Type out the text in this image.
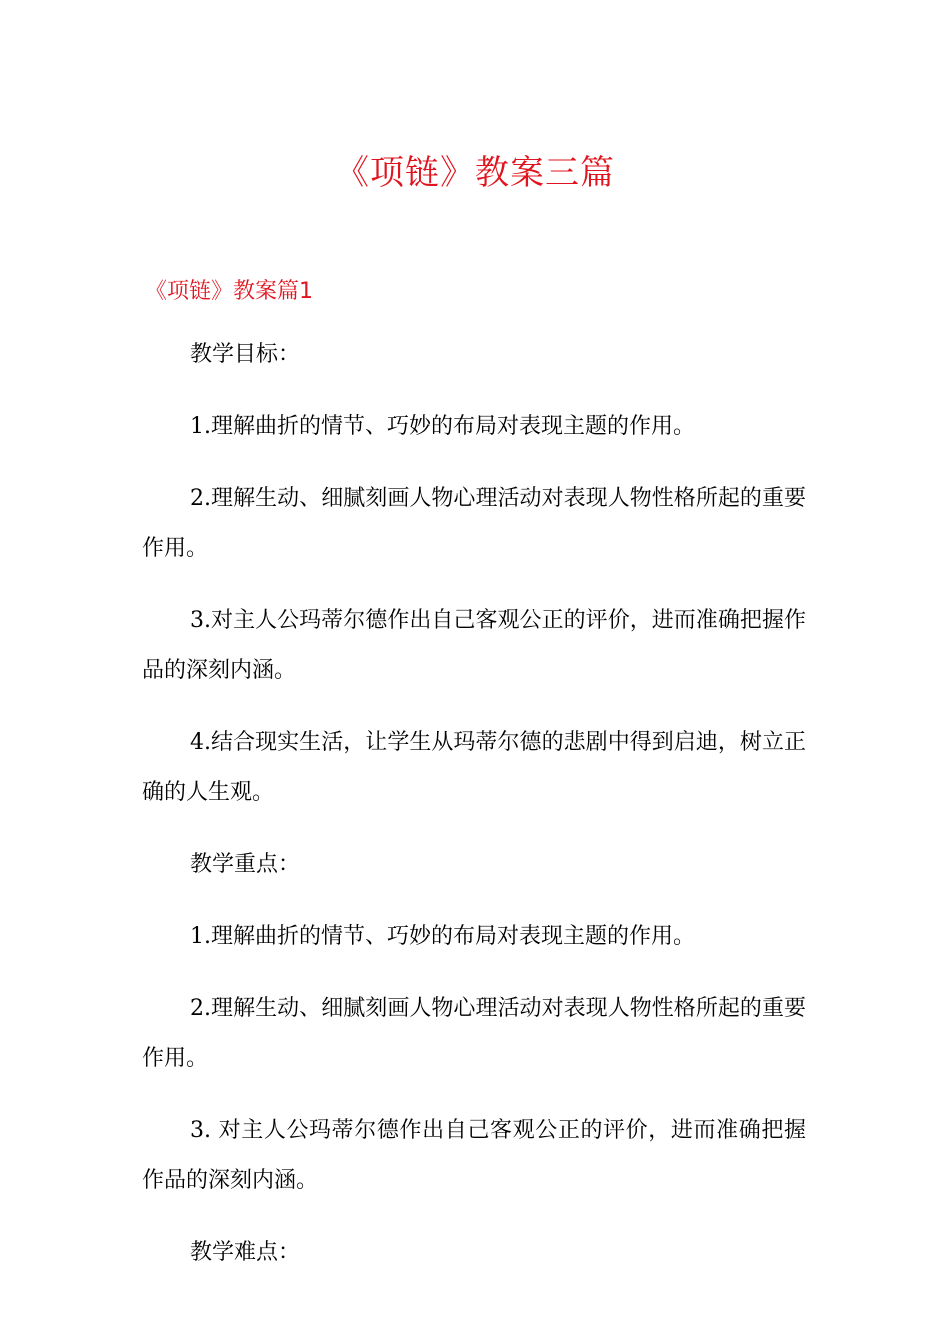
《项链》教案三篇
《项链》教案篇1

教学目标：

1.理解曲折的情节、巧妙的布局对表现主题的作用。

2.理解生动、细腻刻画人物心理活动对表现人物性格所起的重要作用。

3.对主人公玛蒂尔德作出自己客观公正的评价，进而准确把握作品的深刻内涵。

4.结合现实生活，让学生从玛蒂尔德的悲剧中得到启迪，树立正确的人生观。

教学重点：

1.理解曲折的情节、巧妙的布局对表现主题的作用。

2.理解生动、细腻刻画人物心理活动对表现人物性格所起的重要作用。

3. 对主人公玛蒂尔德作出自己客观公正的评价，进而准确把握作品的深刻内涵。

教学难点：
